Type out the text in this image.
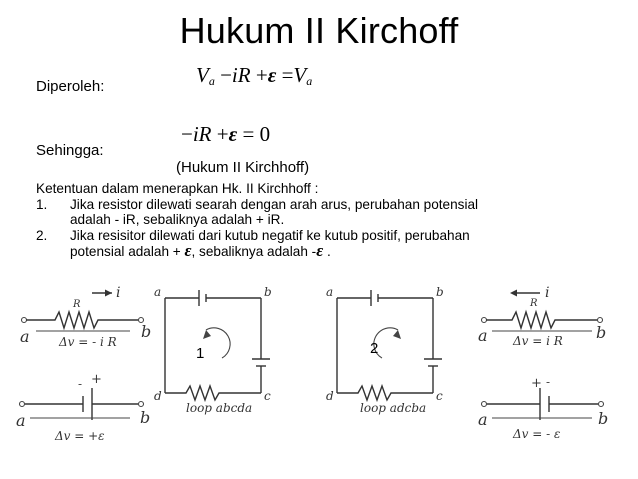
Hukum II Kirchoff
Diperoleh:	$V_a -iR +\varepsilon =V_a$
Sehingga:
−iR +ε = 0
(Hukum II Kirchhoff)
Ketentuan dalam menerapkan Hk. II Kirchhoff :
1. Jika resistor dilewati searah dengan arah arus, perubahan potensial
adalah - iR, sebaliknya adalah + iR.
2. Jika resisitor dilewati dari kutub negatif ke kutub positif, perubahan
potensial adalah + ε, sebaliknya adalah -ε .
i
R
a	b
Δv = - i R
- +
a	b
Δv = +ε
a	b
c
d
1
loop abcda
a	b
c
d
2
loop adcba
i
R
a	b
Δv = i R
+ -
a	b
Δv = - ε
